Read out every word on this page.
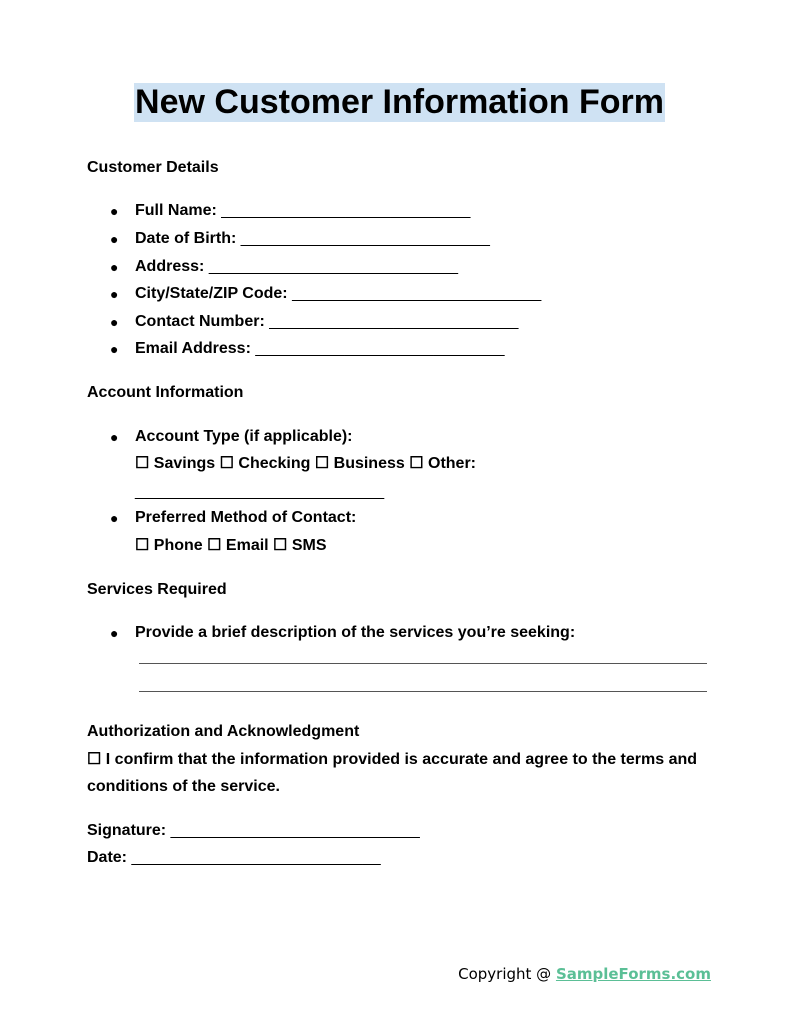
New Customer Information Form
Customer Details
● Full Name: ____________________________
● Date of Birth: ____________________________
● Address: ____________________________
● City/State/ZIP Code: ____________________________
● Contact Number: ____________________________
● Email Address: ____________________________
Account Information
● Account Type (if applicable):
☐ Savings ☐ Checking ☐ Business ☐ Other:
____________________________
● Preferred Method of Contact:
☐ Phone ☐ Email ☐ SMS
Services Required
● Provide a brief description of the services you’re seeking:
Authorization and Acknowledgment
☐ I confirm that the information provided is accurate and agree to the terms and
conditions of the service.
Signature: ____________________________
Date: ____________________________
Copyright @ SampleForms.com
